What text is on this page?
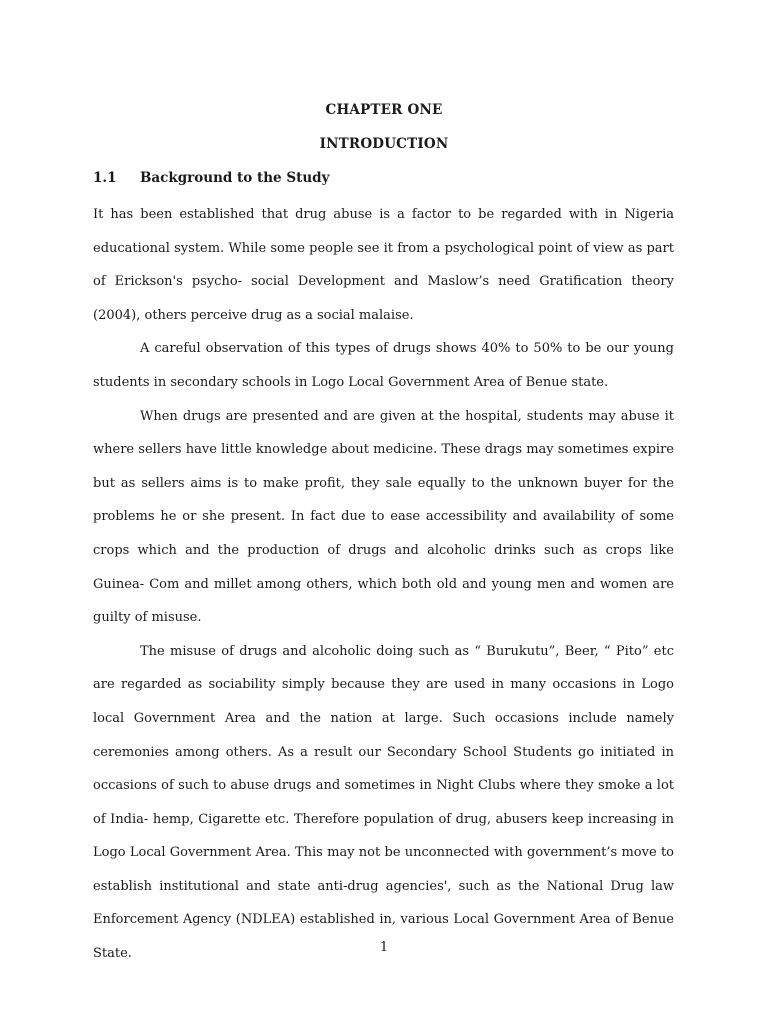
CHAPTER ONE
INTRODUCTION
1.1 Background to the Study

It has been established that drug abuse is a factor to be regarded with in Nigeria educational system. While some people see it from a psychological point of view as part of Erickson's psycho- social Development and Maslow’s need Gratification theory (2004), others perceive drug as a social malaise.

A careful observation of this types of drugs shows 40% to 50% to be our young students in secondary schools in Logo Local Government Area of Benue state.

When drugs are presented and are given at the hospital, students may abuse it where sellers have little knowledge about medicine. These drags may sometimes expire but as sellers aims is to make profit, they sale equally to the unknown buyer for the problems he or she present. In fact due to ease accessibility and availability of some crops which and the production of drugs and alcoholic drinks such as crops like Guinea- Com and millet among others, which both old and young men and women are guilty of misuse.

The misuse of drugs and alcoholic doing such as “ Burukutu”, Beer, “ Pito” etc are regarded as sociability simply because they are used in many occasions in Logo local Government Area and the nation at large. Such occasions include namely ceremonies among others. As a result our Secondary School Students go initiated in occasions of such to abuse drugs and sometimes in Night Clubs where they smoke a lot of India- hemp, Cigarette etc. Therefore population of drug, abusers keep increasing in Logo Local Government Area. This may not be unconnected with government’s move to establish institutional and state anti-drug agencies', such as the National Drug law Enforcement Agency (NDLEA) established in, various Local Government Area of Benue State.	1
